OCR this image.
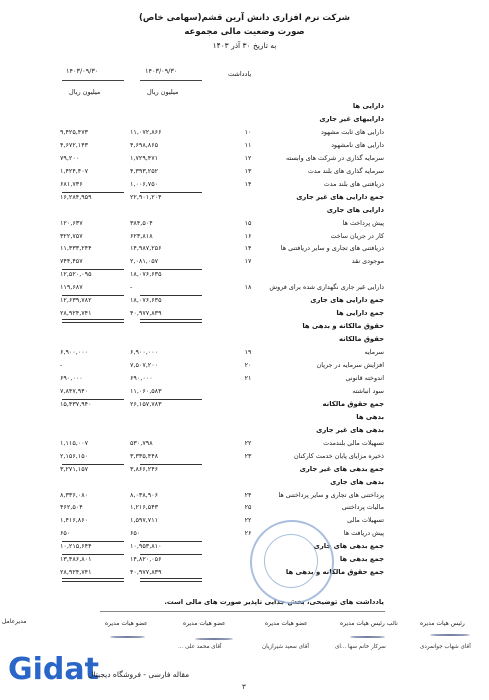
شرکت نرم افزاری دانش آرین قشم(سهامی خاص)
صورت وضعیت مالی مجموعه
به تاریخ ۳۰ آذر ۱۴۰۳
یادداشت
۱۴۰۳/۰۹/۳۰
۱۴۰۳/۰۹/۳۰
میلیون ریال
میلیون ریال
دارایی ها
داراییهای غیر جاری
دارایی های ثابت مشهود
۱۰
۱۱,۰۷۲,۸۶۶
۹,۴۲۵,۴۷۳
دارایی های نامشهود
۱۱
۴,۶۹۸,۸۶۵
۴,۶۷۲,۱۴۳
سرمایه گذاری در شرکت های وابسته
۱۲
۱,۷۲۹,۴۷۱
۷۹,۲۰۰
سرمایه گذاری های بلند مدت
۱۳
۴,۳۹۳,۲۵۲
۱,۴۲۴,۴۰۷
دریافتنی های بلند مدت
۱۴
۱,۰۰۶,۷۵۰
۶۸۱,۷۳۶
جمع دارایی های غیر جاری
۲۲,۹۰۱,۲۰۴
۱۶,۲۸۴,۹۵۹
دارایی های جاری
پیش پرداخت ها
۱۵
۳۸۴,۵۰۴
۱۲۰,۶۳۷
کار در جریان ساخت
۱۶
۶۲۳,۸۱۸
۳۲۲,۷۵۷
دریافتنی های تجاری و سایر دریافتنی ها
۱۴
۱۴,۹۸۷,۲۵۶
۱۱,۳۳۳,۲۴۴
موجودی نقد
۱۷
۲,۰۸۱,۰۵۷
۷۴۴,۴۵۷
۱۸,۰۷۶,۶۳۵
۱۲,۵۲۰,۰۹۵
دارایی غیر جاری نگهداری شده برای فروش
۱۸
-
۱۱۹,۶۸۷
جمع دارایی های جاری
۱۸,۰۷۶,۶۳۵
۱۲,۶۳۹,۷۸۲
جمع دارایی ها
۴۰,۹۷۷,۸۳۹
۲۸,۹۲۴,۷۴۱
حقوق مالکانه و بدهی ها
حقوق مالکانه
سرمایه
۱۹
۶,۹۰۰,۰۰۰
۶,۹۰۰,۰۰۰
افزایش سرمایه در جریان
۲۰
۷,۵۰۷,۲۰۰
-
اندوخته قانونی
۲۱
۶۹۰,۰۰۰
۶۹۰,۰۰۰
سود انباشته
۱۱,۰۶۰,۵۸۳
۷,۸۴۷,۹۴۰
جمع حقوق مالکانه
۲۶,۱۵۷,۷۸۳
۱۵,۴۳۷,۹۴۰
بدهی ها
بدهی های غیر جاری
تسهیلات مالی بلندمدت
۲۲
۵۳۰,۷۹۸
۱,۱۱۵,۰۰۷
ذخیره مزایای پایان خدمت کارکنان
۲۳
۳,۳۳۵,۴۴۸
۲,۱۵۶,۱۵۰
جمع بدهی های غیر جاری
۳,۸۶۶,۲۴۶
۳,۲۷۱,۱۵۷
بدهی های جاری
پرداختنی های تجاری و سایر پرداختنی ها
۲۴
۸,۰۳۸,۹۰۶
۸,۳۳۶,۰۸۰
مالیات پرداختنی
۲۵
۱,۲۱۶,۵۴۳
۴۶۲,۵۰۴
تسهیلات مالی
۲۲
۱,۵۹۷,۷۱۱
۱,۴۱۶,۸۶۰
پیش دریافت ها
۲۶
۶۵۰
۶۵۰
جمع بدهی های جاری
۱۰,۹۵۳,۸۱۰
۱۰,۲۱۵,۶۴۴
جمع بدهی ها
۱۴,۸۲۰,۰۵۶
۱۳,۴۸۶,۸۰۱
جمع حقوق مالکانه و بدهی ها
۴۰,۹۷۷,۸۳۹
۲۸,۹۲۴,۷۴۱
یادداشت های توضیحی، بخش جدایی ناپذیر صورت های مالی است.
رئیس هیات مدیره
نائب رئیس هیات مدیره
عضو هیات مدیره
عضو هیات مدیره
عضو هیات مدیره
مدیرعامل
آقای شهاب جوانمردی
سرکار خانم سها ...ای
آقای سعید شیرازیان
آقای محمد علی ...
۳
Gidat
مقاله فارسی - فروشگاه دیجیتال
